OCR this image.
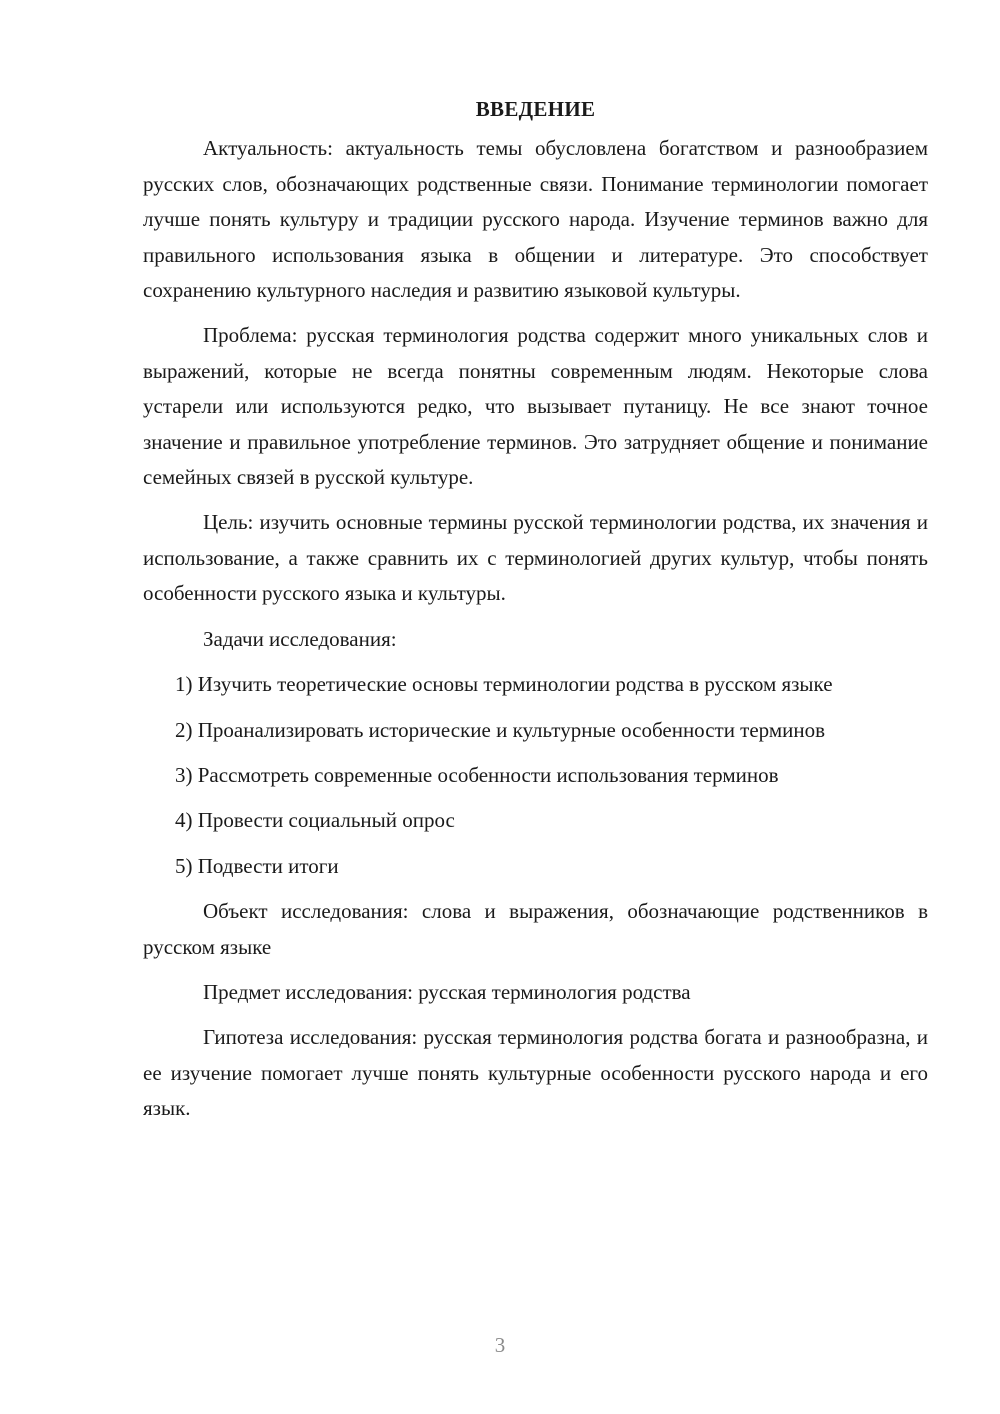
ВВЕДЕНИЕ

Актуальность: актуальность темы обусловлена богатством и разнообразием русских слов, обозначающих родственные связи. Понимание терминологии помогает лучше понять культуру и традиции русского народа. Изучение терминов важно для правильного использования языка в общении и литературе. Это способствует сохранению культурного наследия и развитию языковой культуры.

Проблема: русская терминология родства содержит много уникальных слов и выражений, которые не всегда понятны современным людям. Некоторые слова устарели или используются редко, что вызывает путаницу. Не все знают точное значение и правильное употребление терминов. Это затрудняет общение и понимание семейных связей в русской культуре.

Цель: изучить основные термины русской терминологии родства, их значения и использование, а также сравнить их с терминологией других культур, чтобы понять особенности русского языка и культуры.

Задачи исследования:

1) Изучить теоретические основы терминологии родства в русском языке

2) Проанализировать исторические и культурные особенности терминов

3) Рассмотреть современные особенности использования терминов

4) Провести социальный опрос

5) Подвести итоги

Объект исследования: слова и выражения, обозначающие родственников в русском языке

Предмет исследования: русская терминология родства

Гипотеза исследования: русская терминология родства богата и разнообразна, и ее изучение помогает лучше понять культурные особенности русского народа и его язык.

3
